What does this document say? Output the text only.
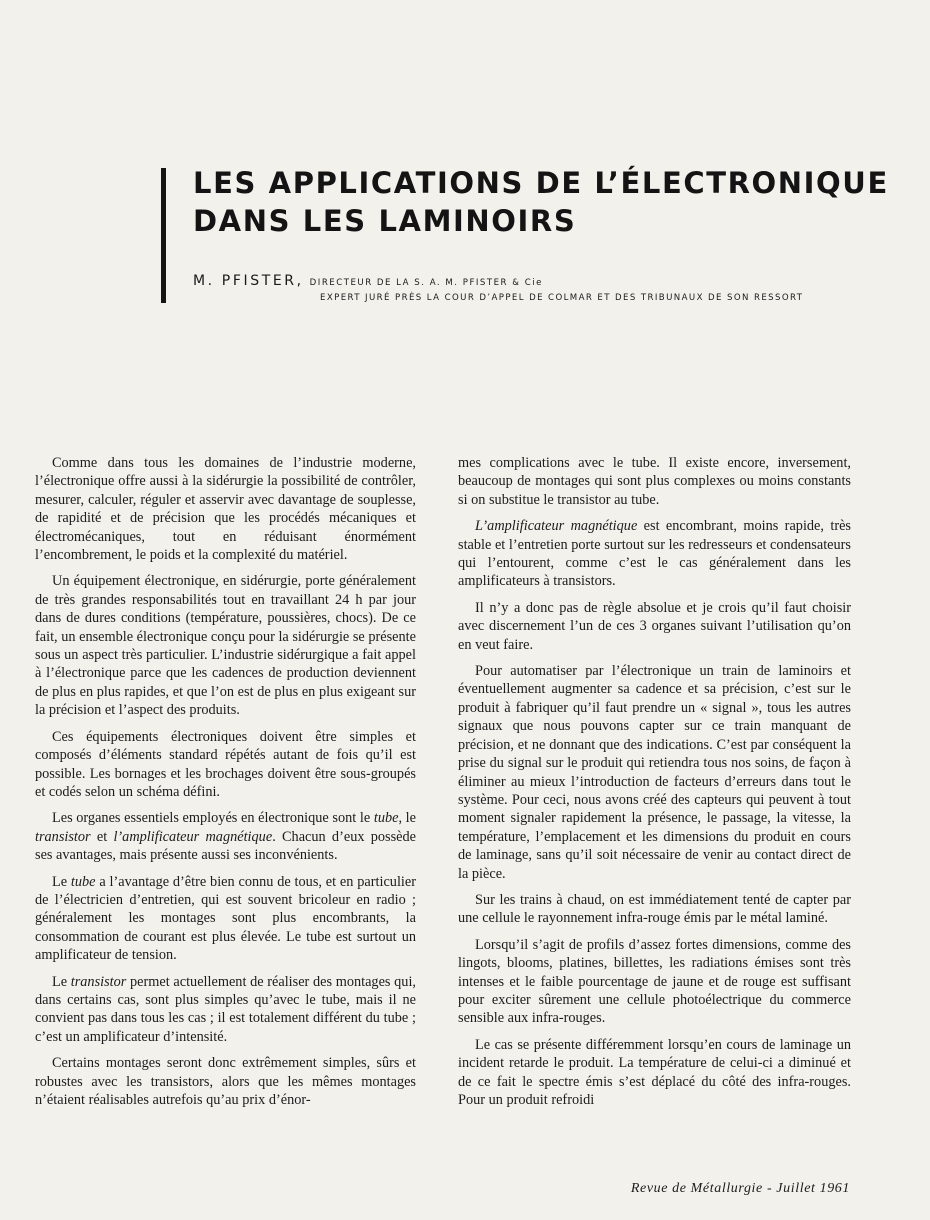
LES APPLICATIONS DE L’ÉLECTRONIQUE
DANS LES LAMINOIRS
M. PFISTER, DIRECTEUR DE LA S. A. M. PFISTER & Cie
EXPERT JURÉ PRÈS LA COUR D’APPEL DE COLMAR ET DES TRIBUNAUX DE SON RESSORT

Comme dans tous les domaines de l’industrie moderne, l’électronique offre aussi à la sidérurgie la possibilité de contrôler, mesurer, calculer, réguler et asservir avec davantage de souplesse, de rapidité et de précision que les procédés mécaniques et électromécaniques, tout en réduisant énormément l’encombrement, le poids et la complexité du matériel.

Un équipement électronique, en sidérurgie, porte généralement de très grandes responsabilités tout en travaillant 24 h par jour dans de dures conditions (température, poussières, chocs). De ce fait, un ensemble électronique conçu pour la sidérurgie se présente sous un aspect très particulier. L’industrie sidérurgique a fait appel à l’électronique parce que les cadences de production deviennent de plus en plus rapides, et que l’on est de plus en plus exigeant sur la précision et l’aspect des produits.

Ces équipements électroniques doivent être simples et composés d’éléments standard répétés autant de fois qu’il est possible. Les bornages et les brochages doivent être sous-groupés et codés selon un schéma défini.

Les organes essentiels employés en électronique sont le tube, le transistor et l’amplificateur magnétique. Chacun d’eux possède ses avantages, mais présente aussi ses inconvénients.

Le tube a l’avantage d’être bien connu de tous, et en particulier de l’électricien d’entretien, qui est souvent bricoleur en radio ; généralement les montages sont plus encombrants, la consommation de courant est plus élevée. Le tube est surtout un amplificateur de tension.

Le transistor permet actuellement de réaliser des montages qui, dans certains cas, sont plus simples qu’avec le tube, mais il ne convient pas dans tous les cas ; il est totalement différent du tube ; c’est un amplificateur d’intensité.

Certains montages seront donc extrêmement simples, sûrs et robustes avec les transistors, alors que les mêmes montages n’étaient réalisables autrefois qu’au prix d’énor-

mes complications avec le tube. Il existe encore, inversement, beaucoup de montages qui sont plus complexes ou moins constants si on substitue le transistor au tube.

L’amplificateur magnétique est encombrant, moins rapide, très stable et l’entretien porte surtout sur les redresseurs et condensateurs qui l’entourent, comme c’est le cas généralement dans les amplificateurs à transistors.

Il n’y a donc pas de règle absolue et je crois qu’il faut choisir avec discernement l’un de ces 3 organes suivant l’utilisation qu’on en veut faire.

Pour automatiser par l’électronique un train de laminoirs et éventuellement augmenter sa cadence et sa précision, c’est sur le produit à fabriquer qu’il faut prendre un « signal », tous les autres signaux que nous pouvons capter sur ce train manquant de précision, et ne donnant que des indications. C’est par conséquent la prise du signal sur le produit qui retiendra tous nos soins, de façon à éliminer au mieux l’introduction de facteurs d’erreurs dans tout le système. Pour ceci, nous avons créé des capteurs qui peuvent à tout moment signaler rapidement la présence, le passage, la vitesse, la température, l’emplacement et les dimensions du produit en cours de laminage, sans qu’il soit nécessaire de venir au contact direct de la pièce.

Sur les trains à chaud, on est immédiatement tenté de capter par une cellule le rayonnement infra-rouge émis par le métal laminé.

Lorsqu’il s’agit de profils d’assez fortes dimensions, comme des lingots, blooms, platines, billettes, les radiations émises sont très intenses et le faible pourcentage de jaune et de rouge est suffisant pour exciter sûrement une cellule photoélectrique du commerce sensible aux infra-rouges.

Le cas se présente différemment lorsqu’en cours de laminage un incident retarde le produit. La température de celui-ci a diminué et de ce fait le spectre émis s’est déplacé du côté des infra-rouges. Pour un produit refroidi

Revue de Métallurgie - Juillet 1961
